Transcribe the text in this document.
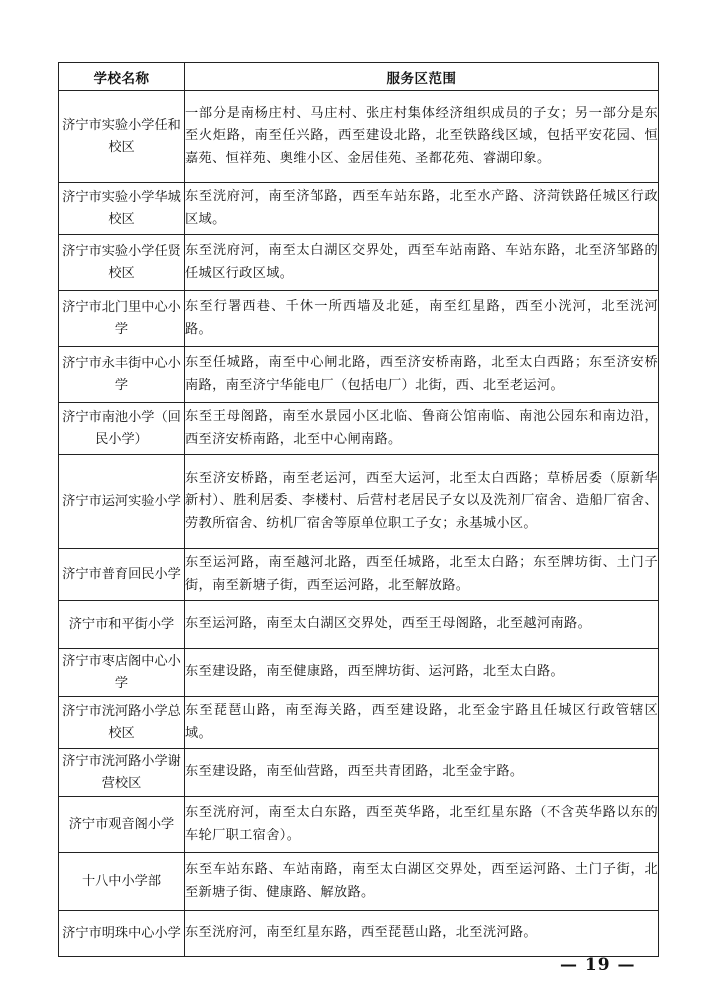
学校名称	服务区范围
济宁市实验小学任和校区	一部分是南杨庄村、马庄村、张庄村集体经济组织成员的子女；另一部分是东至火炬路，南至任兴路，西至建设北路，北至铁路线区域，包括平安花园、恒嘉苑、恒祥苑、奥维小区、金居佳苑、圣都花苑、睿湖印象。
济宁市实验小学华城校区	东至洸府河，南至济邹路，西至车站东路，北至水产路、济菏铁路任城区行政区域。
济宁市实验小学任贤校区	东至洸府河，南至太白湖区交界处，西至车站南路、车站东路，北至济邹路的任城区行政区域。
济宁市北门里中心小学	东至行署西巷、千休一所西墙及北延，南至红星路，西至小洸河，北至洸河路。
济宁市永丰街中心小学	东至任城路，南至中心闸北路，西至济安桥南路，北至太白西路；东至济安桥南路，南至济宁华能电厂（包括电厂）北街，西、北至老运河。
济宁市南池小学（回民小学）	东至王母阁路，南至水景园小区北临、鲁商公馆南临、南池公园东和南边沿，西至济安桥南路，北至中心闸南路。
济宁市运河实验小学	东至济安桥路，南至老运河，西至大运河，北至太白西路；草桥居委（原新华新村）、胜利居委、李楼村、后营村老居民子女以及洗剂厂宿舍、造船厂宿舍、劳教所宿舍、纺机厂宿舍等原单位职工子女；永基城小区。
济宁市普育回民小学	东至运河路，南至越河北路，西至任城路，北至太白路；东至牌坊街、土门子街，南至新塘子街，西至运河路，北至解放路。
济宁市和平街小学	东至运河路，南至太白湖区交界处，西至王母阁路，北至越河南路。
济宁市枣店阁中心小学	东至建设路，南至健康路，西至牌坊街、运河路，北至太白路。
济宁市洸河路小学总校区	东至琵琶山路，南至海关路，西至建设路，北至金宇路且任城区行政管辖区域。
济宁市洸河路小学谢营校区	东至建设路，南至仙营路，西至共青团路，北至金宇路。
济宁市观音阁小学	东至洸府河，南至太白东路，西至英华路，北至红星东路（不含英华路以东的车轮厂职工宿舍）。
十八中小学部	东至车站东路、车站南路，南至太白湖区交界处，西至运河路、土门子街，北至新塘子街、健康路、解放路。
济宁市明珠中心小学	东至洸府河，南至红星东路，西至琵琶山路，北至洸河路。
— 19 —
